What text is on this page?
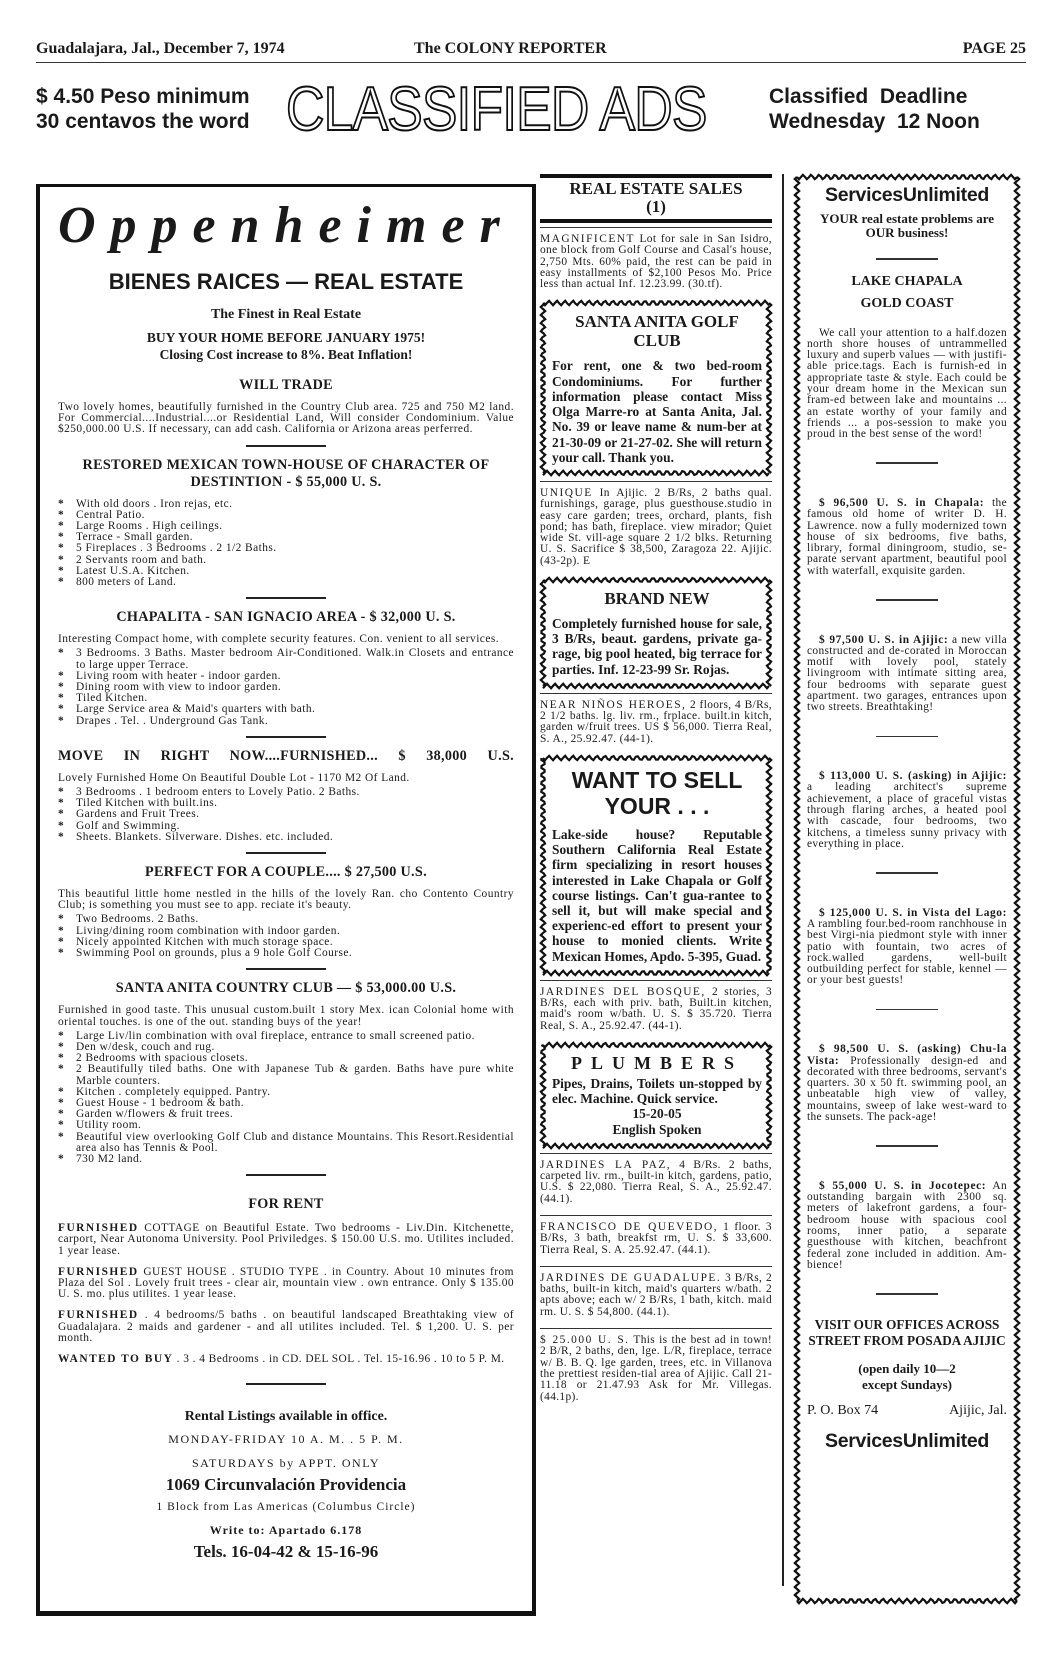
Guadalajara, Jal., December 7, 1974	The COLONY REPORTER	PAGE 25
$ 4.50 Peso minimum
30 centavos the word CLASSIFIED ADS	Classified  Deadline
Wednesday  12 Noon
Oppenheimer
BIENES RAICES — REAL ESTATE
The Finest in Real Estate
BUY YOUR HOME BEFORE JANUARY 1975!
Closing Cost increase to 8%. Beat Inflation!
WILL TRADE

Two lovely homes, beautifully furnished in the Country Club area. 725 and 750 M2 land. For Commercial....Industrial....or Residential Land, Will consider Condominium. Value $250,000.00 U.S. If necessary, can add cash. California or Arizona areas perferred.

RESTORED MEXICAN TOWN-HOUSE OF CHARACTER OF DESTINTION - $ 55,000 U. S.
* With old doors . Iron rejas, etc.
* Central Patio.
* Large Rooms . High ceilings.
* Terrace - Small garden.
* 5 Fireplaces . 3 Bedrooms . 2 1/2 Baths.
* 2 Servants room and bath.
* Latest U.S.A. Kitchen.
* 800 meters of Land.
CHAPALITA - SAN IGNACIO AREA - $ 32,000 U. S.

Interesting Compact home, with complete security features. Con. venient to all services.

* 3 Bedrooms. 3 Baths. Master bedroom Air-Conditioned. Walk.in Closets and entrance to large upper Terrace.
* Living room with heater - indoor garden.
* Dining room with view to indoor garden.
* Tiled Kitchen.
* Large Service area & Maid's quarters with bath.
* Drapes . Tel. . Underground Gas Tank.
MOVE IN RIGHT NOW....FURNISHED... $ 38,000 U.S.

Lovely Furnished Home On Beautiful Double Lot - 1170 M2 Of Land.

* 3 Bedrooms . 1 bedroom enters to Lovely Patio. 2 Baths.
* Tiled Kitchen with built.ins.
* Gardens and Fruit Trees.
* Golf and Swimming.
* Sheets. Blankets. Silverware. Dishes. etc. included.
PERFECT FOR A COUPLE.... $ 27,500 U.S.

This beautiful little home nestled in the hills of the lovely Ran. cho Contento Country Club; is something you must see to app. reciate it's beauty.

* Two Bedrooms. 2 Baths.
* Living/dining room combination with indoor garden.
* Nicely appointed Kitchen with much storage space.
* Swimming Pool on grounds, plus a 9 hole Golf Course.
SANTA ANITA COUNTRY CLUB — $ 53,000.00 U.S.

Furnished in good taste. This unusual custom.built 1 story Mex. ican Colonial home with oriental touches. is one of the out. standing buys of the year!

* Large Liv/lin combination with oval fireplace, entrance to small screened patio.
* Den w/desk, couch and rug.
* 2 Bedrooms with spacious closets.
* 2 Beautifully tiled baths. One with Japanese Tub & garden. Baths have pure white Marble counters.
* Kitchen . completely equipped. Pantry.
* Guest House - 1 bedroom & bath.
* Garden w/flowers & fruit trees.
* Utility room.
* Beautiful view overlooking Golf Club and distance Mountains. This Resort.Residential area also has Tennis & Pool.
* 730 M2 land.
FOR RENT
FURNISHED COTTAGE on Beautiful Estate. Two bedrooms - Liv.Din. Kitchenette, carport, Near Autonoma University. Pool Priviledges. $ 150.00 U.S. mo. Utilites included. 1 year lease.
FURNISHED GUEST HOUSE . STUDIO TYPE . in Country. About 10 minutes from Plaza del Sol . Lovely fruit trees - clear air, mountain view . own entrance. Only $ 135.00 U. S. mo. plus utilites. 1 year lease.
FURNISHED . 4 bedrooms/5 baths . on beautiful landscaped Breathtaking view of Guadalajara. 2 maids and gardener - and all utilites included. Tel. $ 1,200. U. S. per month.
WANTED TO BUY . 3 . 4 Bedrooms . in CD. DEL SOL . Tel. 15-16.96 . 10 to 5 P. M.
Rental Listings available in office.
MONDAY-FRIDAY 10 A. M. . 5 P. M.
SATURDAYS by APPT. ONLY
1069 Circunvalación Providencia
1 Block from Las Americas (Columbus Circle)
Write to: Apartado 6.178
Tels. 16-04-42 & 15-16-96
REAL ESTATE SALES
(1)
MAGNIFICENT Lot for sale in San Isidro, one block from Golf Course and Casal's house, 2,750 Mts. 60% paid, the rest can be paid in easy installments of $2,100 Pesos Mo. Price less than actual Inf. 12.23.99. (30.tf).
SANTA ANITA GOLF CLUB
For rent, one & two bed-room Condominiums. For further information please contact Miss Olga Marre-ro at Santa Anita, Jal. No. 39 or leave name & num-ber at 21-30-09 or 21-27-02. She will return your call. Thank you.
UNIQUE In Ajijic. 2 B/Rs, 2 baths qual. furnishings, garage, plus guesthouse.studio in easy care garden; trees, orchard, plants, fish pond; has bath, fireplace. view mirador; Quiet wide St. vill-age square 2 1/2 blks. Returning U. S. Sacrifice $ 38,500, Zaragoza 22. Ajijic. (43-2p). E
BRAND NEW
Completely furnished house for sale, 3 B/Rs, beaut. gardens, private ga-rage, big pool heated, big terrace for parties. Inf. 12-23-99 Sr. Rojas.
NEAR NIÑOS HEROES, 2 floors, 4 B/Rs, 2 1/2 baths. lg. liv. rm., frplace. built.in kitch, garden w/fruit trees. US $ 56,000. Tierra Real, S. A., 25.92.47. (44-1).
WANT TO SELL YOUR . . .
Lake-side house? Reputable Southern California Real Estate firm specializing in resort houses interested in Lake Chapala or Golf course listings. Can't gua-rantee to sell it, but will make special and experienc-ed effort to present your house to monied clients. Write Mexican Homes, Apdo. 5-395, Guad.
JARDINES DEL BOSQUE, 2 stories, 3 B/Rs, each with priv. bath, Built.in kitchen, maid's room w/bath. U. S. $ 35.720. Tierra Real, S. A., 25.92.47. (44-1).
PLUMBERS
Pipes, Drains, Toilets un-stopped by elec. Machine. Quick service.
15-20-05
English Spoken
JARDINES LA PAZ, 4 B/Rs. 2 baths, carpeted liv. rm., built-in kitch, gardens, patio, U.S. $ 22,080. Tierra Real, S. A., 25.92.47. (44.1).
FRANCISCO DE QUEVEDO, 1 floor. 3 B/Rs, 3 bath, breakfst rm, U. S. $ 33,600. Tierra Real, S. A. 25.92.47. (44.1).
JARDINES DE GUADALUPE. 3 B/Rs, 2 baths, built-in kitch, maid's quarters w/bath. 2 apts above; each w/ 2 B/Rs, 1 bath, kitch. maid rm. U. S. $ 54,800. (44.1).
$ 25.000 U. S. This is the best ad in town! 2 B/R, 2 baths, den, lge. L/R, fireplace, terrace w/ B. B. Q. lge garden, trees, etc. in Villanova the prettiest residen-tial area of Ajijic. Call 21-11.18 or 21.47.93 Ask for Mr. Villegas. (44.1p).
ServicesUnlimited
YOUR real estate problems are OUR business!
LAKE CHAPALA
GOLD COAST
We call your attention to a half.dozen north shore houses of untrammelled luxury and superb values — with justifi-able price.tags. Each is furnish-ed in appropriate taste & style. Each could be your dream home in the Mexican sun fram-ed between lake and mountains ... an estate worthy of your family and friends ... a pos-session to make you proud in the best sense of the word!
$ 96,500 U. S. in Chapala: the famous old home of writer D. H. Lawrence. now a fully modernized town house of six bedrooms, five baths, library, formal diningroom, studio, se-parate servant apartment, beautiful pool with waterfall, exquisite garden.
$ 97,500 U. S. in Ajijic: a new villa constructed and de-corated in Moroccan motif with lovely pool, stately livingroom with intimate sitting area, four bedrooms with separate guest apartment. two garages, entrances upon two streets. Breathtaking!
$ 113,000 U. S. (asking) in Ajijic: a leading architect's supreme achievement, a place of graceful vistas through flaring arches, a heated pool with cascade, four bedrooms, two kitchens, a timeless sunny privacy with everything in place.
$ 125,000 U. S. in Vista del Lago: A rambling four.bed-room ranchhouse in best Virgi-nia piedmont style with inner patio with fountain, two acres of rock.walled gardens, well-built outbuilding perfect for stable, kennel — or your best guests!
$ 98,500 U. S. (asking) Chu-la Vista: Professionally design-ed and decorated with three bedrooms, servant's quarters. 30 x 50 ft. swimming pool, an unbeatable high view of valley, mountains, sweep of lake west-ward to the sunsets. The pack-age!
$ 55,000 U. S. in Jocotepec: An outstanding bargain with 2300 sq. meters of lakefront gardens, a four-bedroom house with spacious cool rooms, inner patio, a separate guesthouse with kitchen, beachfront federal zone included in addition. Am-bience!
VISIT OUR OFFICES ACROSS STREET FROM POSADA AJIJIC
(open daily 10—2
except Sundays)
P. O. Box 74	Ajijic, Jal.
ServicesUnlimited
